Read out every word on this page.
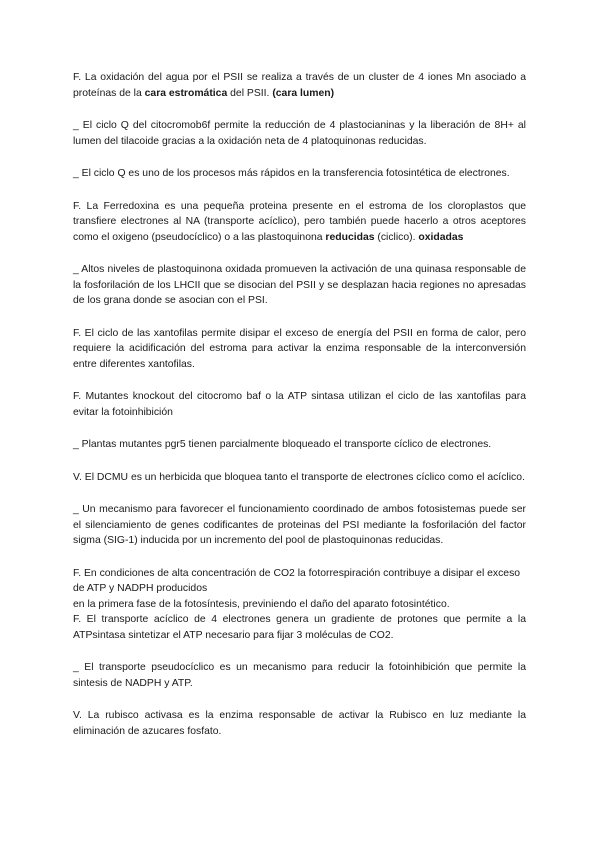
F. La oxidación del agua por el PSII se realiza a través de un cluster de 4 iones Mn asociado a proteínas de la cara estromática del PSII. (cara lumen)

_ El ciclo Q del citocromob6f permite la reducción de 4 plastocianinas y la liberación de 8H+ al lumen del tilacoide gracias a la oxidación neta de 4 platoquinonas reducidas.

_ El ciclo Q es uno de los procesos más rápidos en la transferencia fotosintética de electrones.

F. La Ferredoxina es una pequeña proteina presente en el estroma de los cloroplastos que transfiere electrones al NA (transporte acíclico), pero también puede hacerlo a otros aceptores como el oxigeno (pseudocíclico) o a las plastoquinona reducidas (ciclico). oxidadas

_ Altos niveles de plastoquinona oxidada promueven la activación de una quinasa responsable de la fosforilación de los LHCII que se disocian del PSII y se desplazan hacia regiones no apresadas de los grana donde se asocian con el PSI.

F. El ciclo de las xantofilas permite disipar el exceso de energía del PSII en forma de calor, pero requiere la acidificación del estroma para activar la enzima responsable de la interconversión entre diferentes xantofilas.

F. Mutantes knockout del citocromo baf o la ATP sintasa utilizan el ciclo de las xantofilas para evitar la fotoinhibición

_ Plantas mutantes pgr5 tienen parcialmente bloqueado el transporte cíclico de electrones.

V. El DCMU es un herbicida que bloquea tanto el transporte de electrones cíclico como el acíclico.

_ Un mecanismo para favorecer el funcionamiento coordinado de ambos fotosistemas puede ser el silenciamiento de genes codificantes de proteinas del PSI mediante la fosforilación del factor sigma (SIG-1) inducida por un incremento del pool de plastoquinonas reducidas.

F. En condiciones de alta concentración de CO2 la fotorrespiración contribuye a disipar el exceso de ATP y NADPH producidos
en la primera fase de la fotosíntesis, previniendo el daño del aparato fotosintético.

F. El transporte acíclico de 4 electrones genera un gradiente de protones que permite a la ATPsintasa sintetizar el ATP necesario para fijar 3 moléculas de CO2.

_ El transporte pseudocíclico es un mecanismo para reducir la fotoinhibición que permite la sintesis de NADPH y ATP.

V. La rubisco activasa es la enzima responsable de activar la Rubisco en luz mediante la eliminación de azucares fosfato.
